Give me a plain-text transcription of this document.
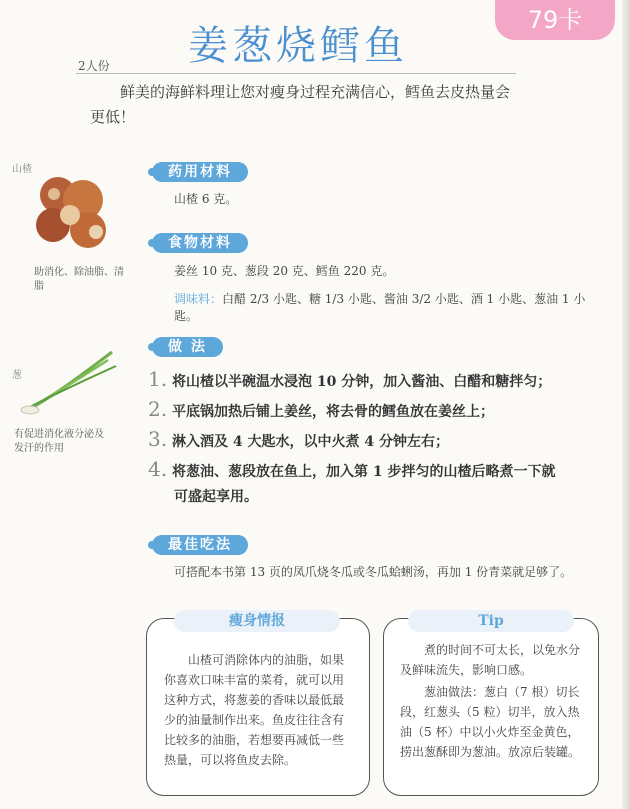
79卡
姜葱烧鳕鱼
2人份
鲜美的海鲜料理让您对瘦身过程充满信心，鳕鱼去皮热量会更低！
山楂
助消化、除油脂、清脂
葱
有促进消化液分泌及发汗的作用
药用材料
山楂 6 克。
食物材料
姜丝 10 克、葱段 20 克、鳕鱼 220 克。
调味料：白醋 2/3 小匙、糖 1/3 小匙、酱油 3/2 小匙、酒 1 小匙、葱油 1 小匙。
做 法
1. 将山楂以半碗温水浸泡 10 分钟，加入酱油、白醋和糖拌匀；
2. 平底锅加热后铺上姜丝，将去骨的鳕鱼放在姜丝上；
3. 淋入酒及 4 大匙水，以中火煮 4 分钟左右；
4. 将葱油、葱段放在鱼上，加入第 1 步拌匀的山楂后略煮一下就
可盛起享用。
最佳吃法
可搭配本书第 13 页的凤爪烧冬瓜或冬瓜蛤蜊汤，再加 1 份青菜就足够了。
瘦身情报
山楂可消除体内的油脂，如果你喜欢口味丰富的菜肴，就可以用这种方式，将葱姜的香味以最低最少的油量制作出来。鱼皮往往含有比较多的油脂，若想要再减低一些热量，可以将鱼皮去除。
Tip
煮的时间不可太长，以免水分及鲜味流失，影响口感。
葱油做法：葱白（7 根）切长段，红葱头（5 粒）切半，放入热油（5 杯）中以小火炸至金黄色，捞出葱酥即为葱油。放凉后装罐。
